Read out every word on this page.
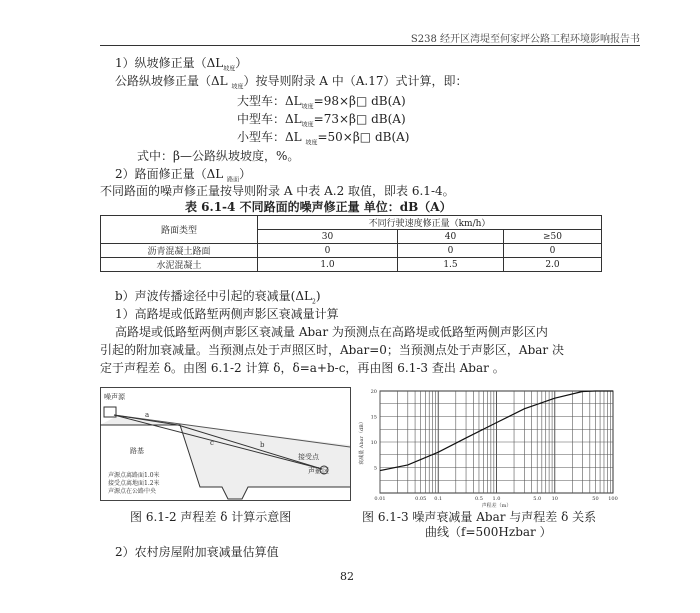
S238 经开区湾堤至何家坪公路工程环境影响报告书
1）纵坡修正量$(\Delta L_{坡度})$
公路纵坡修正量（ΔL $_{坡度}$）按导则附录 A 中（A.17）式计算，即：
大型车：$\Delta L_{坡度}=98\times\beta□$ dB(A)
中型车：$\Delta L_{坡度}=73\times\beta□$ dB(A)
小型车：ΔL $_{坡度}$=50×β□ dB(A)
式中：β—公路纵坡坡度，%。
2）路面修正量（ΔL $_{路面}$）
不同路面的噪声修正量按导则附录 A 中表 A.2 取值，即表 6.1-4。
表 6.1-4 不同路面的噪声修正量 单位：dB（A）
路面类型	不同行驶速度修正量（km/h）		
	30	40	≥50
沥青混凝土路面	0	0	0
水泥混凝土	1.0	1.5	2.0
b）声波传播途径中引起的衰减量$(\Delta L_2)$
1）高路堤或低路堑两侧声影区衰减量计算
高路堤或低路堑两侧声影区衰减量 Abar 为预测点在高路堤或低路堑两侧声影区内
引起的附加衰减量。当预测点处于声照区时，Abar=0；当预测点处于声影区，Abar 决
定于声程差 δ。由图 6.1-2 计算 δ，δ=a+b-c，再由图 6.1-3 查出 Abar 。
噪声源
路基
接受点
声影区
a
b
c
声源点离路面1.0米
接受点离地面1.2米
声源点在公路中央
图 6.1-2 声程差 δ 计算示意图
5
10
15
20
0.01	0.05 0.1	0.5 1.0	5.0 10	50 100
声程差（m）
衰减量 Abar（dB）
图 6.1-3 噪声衰减量 Abar 与声程差 δ 关系
曲线（f=500Hzbar ）
2）农村房屋附加衰减量估算值
82
